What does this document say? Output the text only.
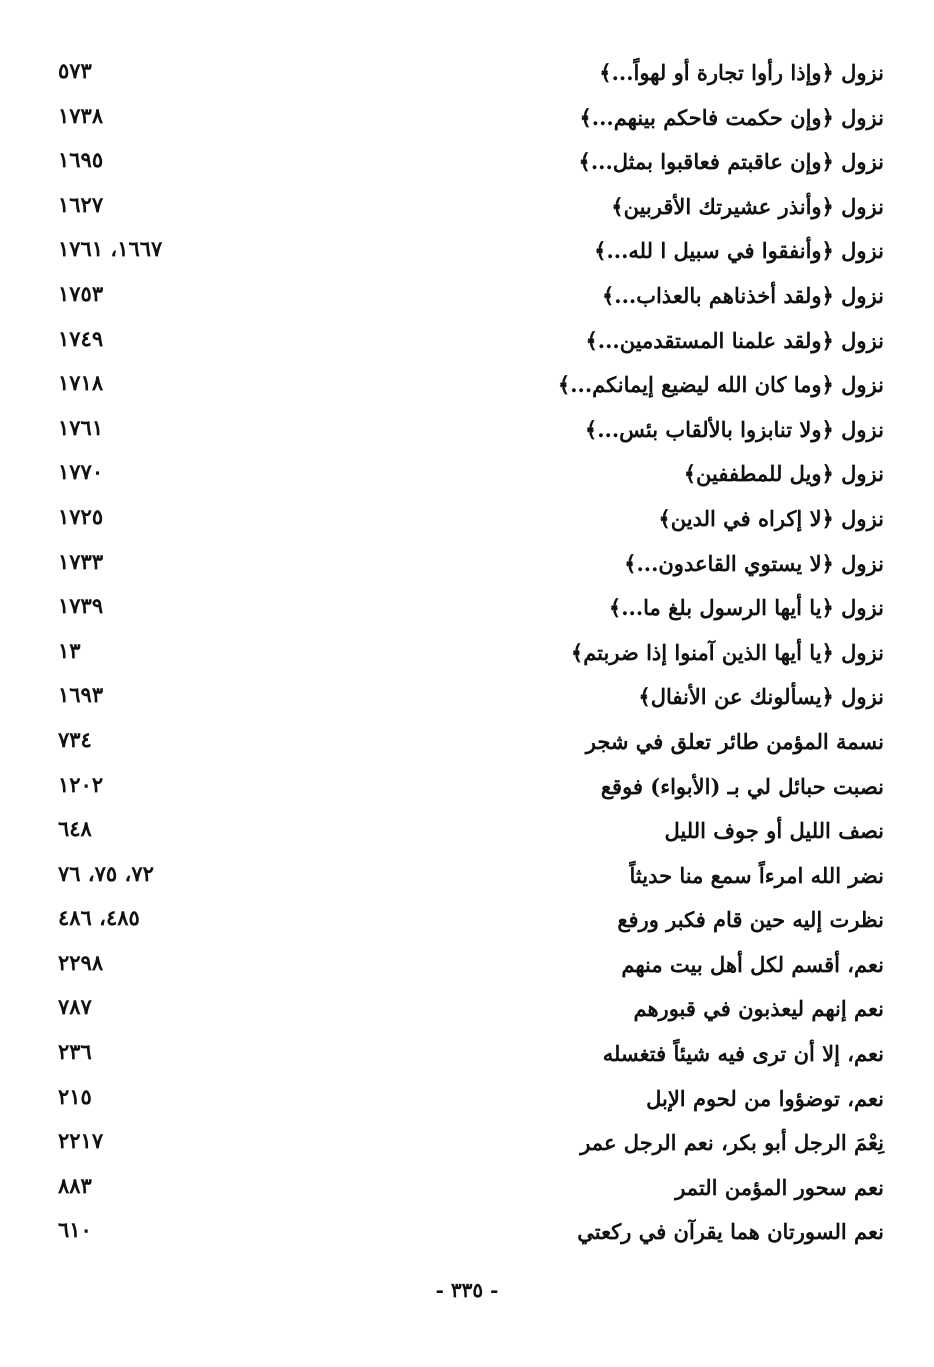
نزول ﴿وإذا رأوا تجارة أو لهواً...﴾
٥٧٣
نزول ﴿وإن حكمت فاحكم بينهم...﴾
١٧٣٨
نزول ﴿وإن عاقبتم فعاقبوا بمثل...﴾
١٦٩٥
نزول ﴿وأنذر عشيرتك الأقربين﴾
١٦٢٧
نزول ﴿وأنفقوا في سبيل ا لله...﴾
١٦٦٧، ١٧٦١
نزول ﴿ولقد أخذناهم بالعذاب...﴾
١٧٥٣
نزول ﴿ولقد علمنا المستقدمين...﴾
١٧٤٩
نزول ﴿وما كان الله ليضيع إيمانكم...﴾
١٧١٨
نزول ﴿ولا تنابزوا بالألقاب بئس...﴾
١٧٦١
نزول ﴿ويل للمطففين﴾
١٧٧٠
نزول ﴿لا إكراه في الدين﴾
١٧٢٥
نزول ﴿لا يستوي القاعدون...﴾
١٧٣٣
نزول ﴿يا أيها الرسول بلغ ما...﴾
١٧٣٩
نزول ﴿يا أيها الذين آمنوا إذا ضربتم﴾
١٣
نزول ﴿يسألونك عن الأنفال﴾
١٦٩٣
نسمة المؤمن طائر تعلق في شجر
٧٣٤
نصبت حبائل لي بـ (الأبواء) فوقع
١٢٠٢
نصف الليل أو جوف الليل
٦٤٨
نضر الله امرءاً سمع منا حديثاً
٧٢، ٧٥، ٧٦
نظرت إليه حين قام فكبر ورفع
٤٨٥، ٤٨٦
نعم، أقسم لكل أهل بيت منهم
٢٢٩٨
نعم إنهم ليعذبون في قبورهم
٧٨٧
نعم، إلا أن ترى فيه شيئاً فتغسله
٢٣٦
نعم، توضؤوا من لحوم الإبل
٢١٥
نِعْمَ الرجل أبو بكر، نعم الرجل عمر
٢٢١٧
نعم سحور المؤمن التمر
٨٨٣
نعم السورتان هما يقرآن في ركعتي
٦١٠
- ٣٣٥ -
